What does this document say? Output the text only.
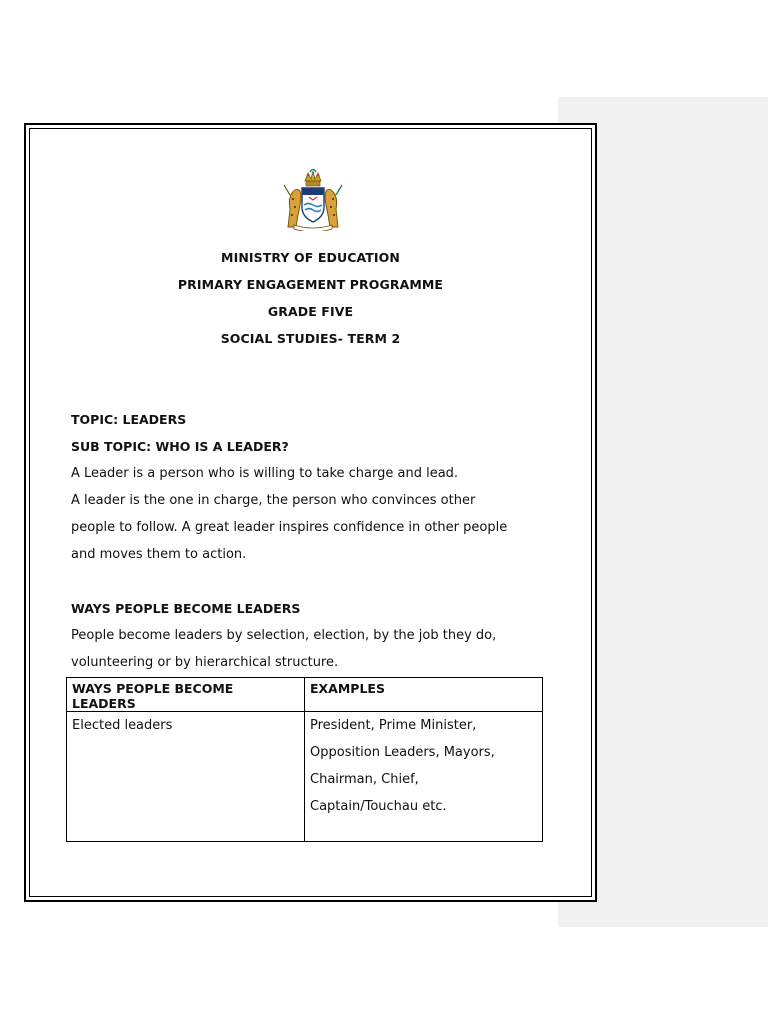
MINISTRY OF EDUCATION
PRIMARY ENGAGEMENT PROGRAMME
GRADE FIVE
SOCIAL STUDIES- TERM 2
TOPIC: LEADERS
SUB TOPIC: WHO IS A LEADER?
A Leader is a person who is willing to take charge and lead.
A leader is the one in charge, the person who convinces other
people to follow. A great leader inspires confidence in other people
and moves them to action.
WAYS PEOPLE BECOME LEADERS
People become leaders by selection, election, by the job they do,
volunteering or by hierarchical structure.
WAYS PEOPLE BECOME LEADERS	EXAMPLES

Elected leaders	President, Prime Minister,
Opposition Leaders, Mayors,
Chairman, Chief,
Captain/Touchau etc.
